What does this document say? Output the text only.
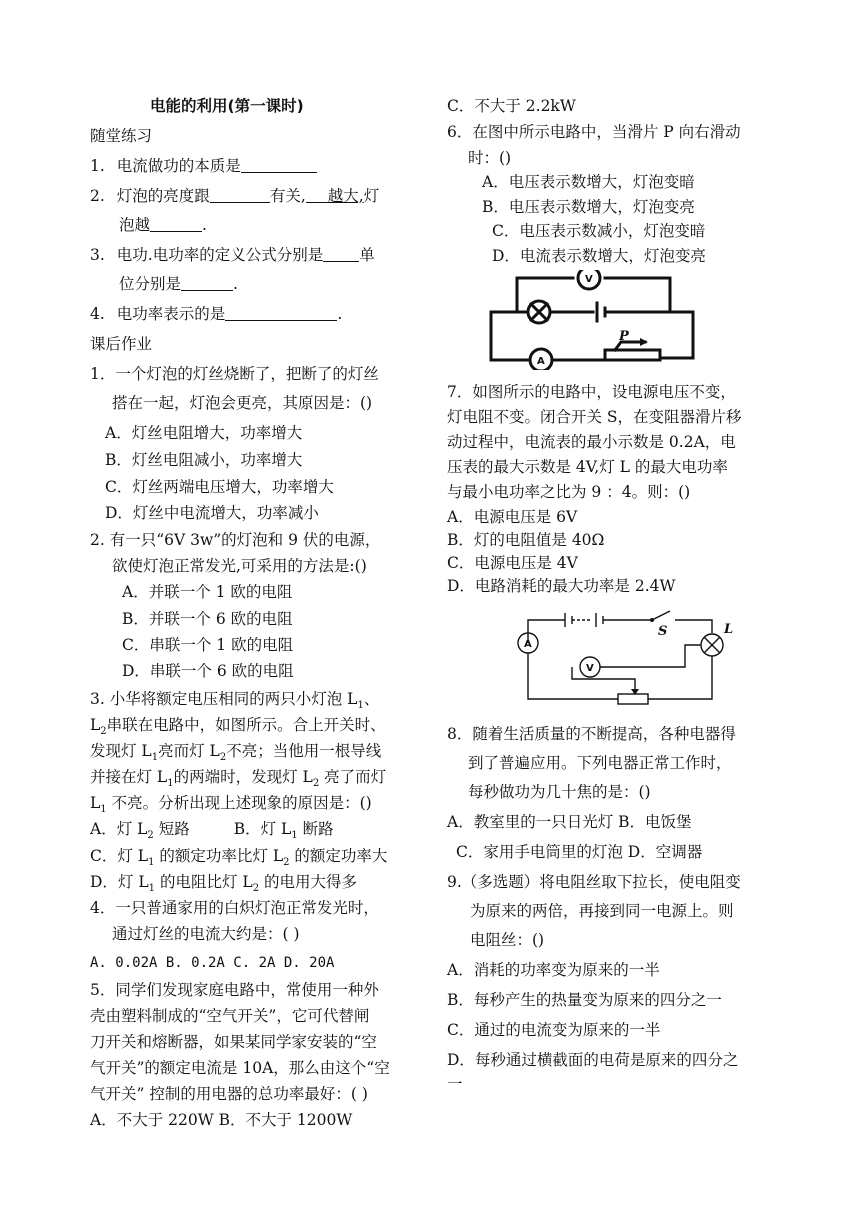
电能的利用(第一课时)
随堂练习
1. 电流做功的本质是
2. 灯泡的亮度跟	有关, 越大,灯
泡越	.
3. 电功.电功率的定义公式分别是 单
位分别是	.
4. 电功率表示的是	.
课后作业
1．一个灯泡的灯丝烧断了，把断了的灯丝
搭在一起，灯泡会更亮，其原因是：()
A．灯丝电阻增大，功率增大
B．灯丝电阻减小，功率增大
C．灯丝两端电压增大，功率增大
D．灯丝中电流增大，功率减小
2. 有一只“6V 3w”的灯泡和 9 伏的电源，
欲使灯泡正常发光,可采用的方法是:()
A．并联一个 1 欧的电阻
B．并联一个 6 欧的电阻
C．串联一个 1 欧的电阻
D．串联一个 6 欧的电阻
3. 小华将额定电压相同的两只小灯泡 $L_1$、
$L_2$串联在电路中，如图所示。合上开关时、
发现灯 $L_1$亮而灯 $L_2$不亮；当他用一根导线
并接在灯 $L_1$的两端时，发现灯 $L_2$ 亮了而灯
$L_1$ 不亮。分析出现上述现象的原因是：()
A．灯 $L_2$ 短路	B．灯 $L_1$ 断路
C．灯 $L_1$ 的额定功率比灯 $L_2$ 的额定功率大
D．灯 $L_1$ 的电阻比灯 $L_2$ 的电用大得多
4．一只普通家用的白炽灯泡正常发光时，
通过灯丝的电流大约是：( )
A. 0.02A B. 0.2A C. 2A D. 20A
5．同学们发现家庭电路中，常使用一种外
壳由塑料制成的“空气开关”，它可代替闸
刀开关和熔断器，如果某同学家安装的“空
气开关”的额定电流是 10A，那么由这个“空
气开关” 控制的用电器的总功率最好：( )
A．不大于 220W B．不大于 1200W
C．不大于 2.2kW
6．在图中所示电路中，当滑片 P 向右滑动
时：()
A．电压表示数增大，灯泡变暗
B．电压表示数增大，灯泡变亮
C．电压表示数减小，灯泡变暗
D．电流表示数增大，灯泡变亮
V
A
P
7．如图所示的电路中，设电源电压不变，
灯电阻不变。闭合开关 S，在变阻器滑片移
动过程中，电流表的最小示数是 0.2A，电
压表的最大示数是 4V,灯 L 的最大电功率
与最小电功率之比为 9 ：4。则：()
A．电源电压是 6V
B．灯的电阻值是 40Ω
C．电源电压是 4V
D．电路消耗的最大功率是 2.4W
S	L
A
V
8．随着生活质量的不断提高，各种电器得
到了普遍应用。下列电器正常工作时，
每秒做功为几十焦的是：()
A．教室里的一只日光灯 B．电饭堡
C．家用手电筒里的灯泡 D．空调器
9.（多选题）将电阻丝取下拉长，使电阻变
为原来的两倍，再接到同一电源上。则
电阻丝：()
A．消耗的功率变为原来的一半
B．每秒产生的热量变为原来的四分之一
C．通过的电流变为原来的一半
D．每秒通过横截面的电荷是原来的四分之
一
